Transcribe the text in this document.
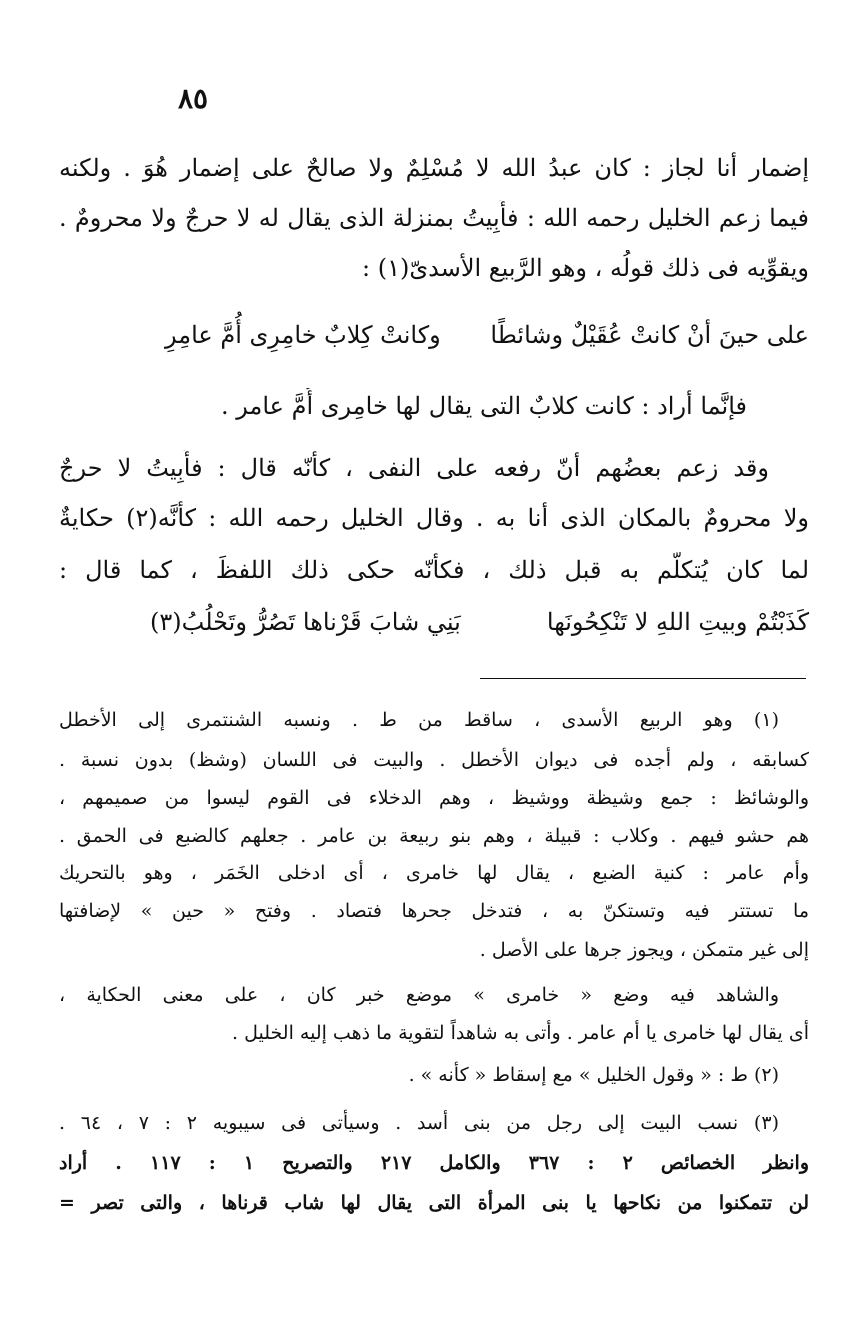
٨٥
إضمار أنا لجاز : كان عبدُ الله لا مُسْلِمٌ ولا صالحٌ على إضمار هُوَ . ولكنه
فيما زعم الخليل رحمه الله : فأَبِيتُ بمنزلة الذى يقال له لا حرجٌ ولا محرومٌ .
ويقوِّيه فى ذلك قولُه ، وهو الرَّبيع الأسدىّ(١) :
على حينَ أنْ كانتْ عُقَيْلٌ وشائطًا
وكانتْ كِلابٌ خامِرِى أُمَّ عامِرِ
فإنَّما أراد : كانت كلابٌ التى يقال لها خامِرى أُمَّ عامر .
وقد زعم بعضُهم أنّ رفعه على النفى ، كأنّه قال : فأَبِيتُ لا حرجٌ
ولا محرومٌ بالمكان الذى أنا به . وقال الخليل رحمه الله : كأنَّه(٢) حكايةٌ
لما كان يُتكلَّم به قبل ذلك ، فكأنّه حكى ذلك اللفظَ ، كما قال :
كَذَبْتُمْ وبيتِ اللهِ لا تَنْكِحُونَها
بَنِي شابَ قَرْناها تَصُرُّ وتَحْلُبُ(٣)
(١) وهو الربيع الأسدى ، ساقط من ط . ونسبه الشنتمرى إلى الأخطل
كسابقه ، ولم أجده فى ديوان الأخطل . والبيت فى اللسان (وشظ) بدون نسبة .
والوشائظ : جمع وشيظة ووشيظ ، وهم الدخلاء فى القوم ليسوا من صميمهم ،
هم حشو فيهم . وكلاب : قبيلة ، وهم بنو ربيعة بن عامر . جعلهم كالضبع فى الحمق .
وأم عامر : كنية الضبع ، يقال لها خامرى ، أى ادخلى الخَمَر ، وهو بالتحريك
ما تستتر فيه وتستكنّ به ، فتدخل جحرها فتصاد . وفتح « حين » لإضافتها
إلى غير متمكن ، ويجوز جرها على الأصل .
والشاهد فيه وضع « خامرى » موضع خبر كان ، على معنى الحكاية ،
أى يقال لها خامرى يا أم عامر . وأتى به شاهداً لتقوية ما ذهب إليه الخليل .
(٢) ط : « وقول الخليل » مع إسقاط « كأنه » .
(٣) نسب البيت إلى رجل من بنى أسد . وسيأتى فى سيبويه ٢ : ٧ ، ٦٤ .
وانظر الخصائص ٢ : ٣٦٧ والكامل ٢١٧ والتصريح ١ : ١١٧ . أراد
لن تتمكنوا من نكاحها يا بنى المرأة التى يقال لها شاب قرناها ، والتى تصر =
